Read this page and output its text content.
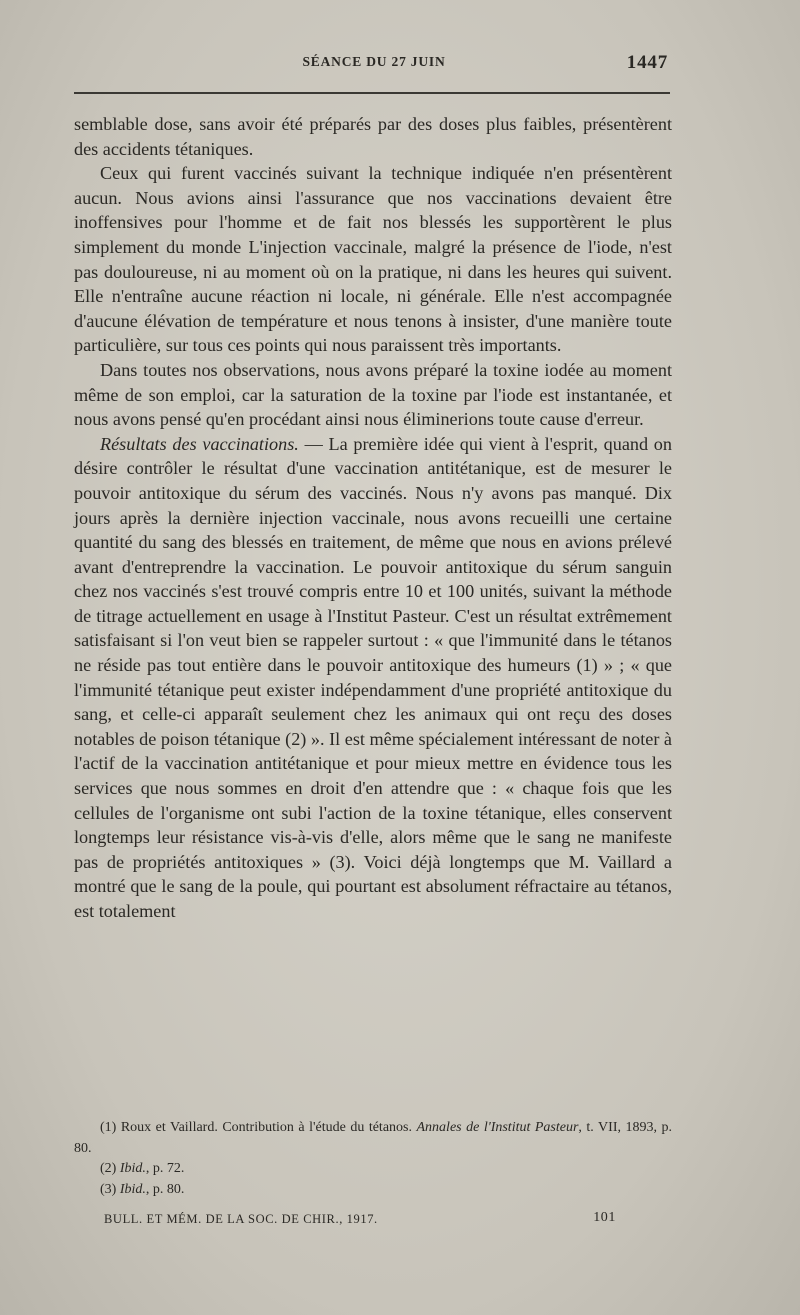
SÉANCE DU 27 JUIN	1447

semblable dose, sans avoir été préparés par des doses plus faibles, présentèrent des accidents tétaniques.

Ceux qui furent vaccinés suivant la technique indiquée n'en présentèrent aucun. Nous avions ainsi l'assurance que nos vaccinations devaient être inoffensives pour l'homme et de fait nos blessés les supportèrent le plus simplement du monde L'injection vaccinale, malgré la présence de l'iode, n'est pas douloureuse, ni au moment où on la pratique, ni dans les heures qui suivent. Elle n'entraîne aucune réaction ni locale, ni générale. Elle n'est accompagnée d'aucune élévation de température et nous tenons à insister, d'une manière toute particulière, sur tous ces points qui nous paraissent très importants.

Dans toutes nos observations, nous avons préparé la toxine iodée au moment même de son emploi, car la saturation de la toxine par l'iode est instantanée, et nous avons pensé qu'en procédant ainsi nous éliminerions toute cause d'erreur.

Résultats des vaccinations. — La première idée qui vient à l'esprit, quand on désire contrôler le résultat d'une vaccination antitétanique, est de mesurer le pouvoir antitoxique du sérum des vaccinés. Nous n'y avons pas manqué. Dix jours après la dernière injection vaccinale, nous avons recueilli une certaine quantité du sang des blessés en traitement, de même que nous en avions prélevé avant d'entreprendre la vaccination. Le pouvoir antitoxique du sérum sanguin chez nos vaccinés s'est trouvé compris entre 10 et 100 unités, suivant la méthode de titrage actuellement en usage à l'Institut Pasteur. C'est un résultat extrêmement satisfaisant si l'on veut bien se rappeler surtout : « que l'immunité dans le tétanos ne réside pas tout entière dans le pouvoir antitoxique des humeurs (1) » ; « que l'immunité tétanique peut exister indépendamment d'une propriété antitoxique du sang, et celle-ci apparaît seulement chez les animaux qui ont reçu des doses notables de poison tétanique (2) ». Il est même spécialement intéressant de noter à l'actif de la vaccination antitétanique et pour mieux mettre en évidence tous les services que nous sommes en droit d'en attendre que : « chaque fois que les cellules de l'organisme ont subi l'action de la toxine tétanique, elles conservent longtemps leur résistance vis-à-vis d'elle, alors même que le sang ne manifeste pas de propriétés antitoxiques » (3). Voici déjà longtemps que M. Vaillard a montré que le sang de la poule, qui pourtant est absolument réfractaire au tétanos, est totalement

(1) Roux et Vaillard. Contribution à l'étude du tétanos. Annales de l'Institut Pasteur, t. VII, 1893, p. 80.

(2) Ibid., p. 72.

(3) Ibid., p. 80.

BULL. ET MÉM. DE LA SOC. DE CHIR., 1917.	101
